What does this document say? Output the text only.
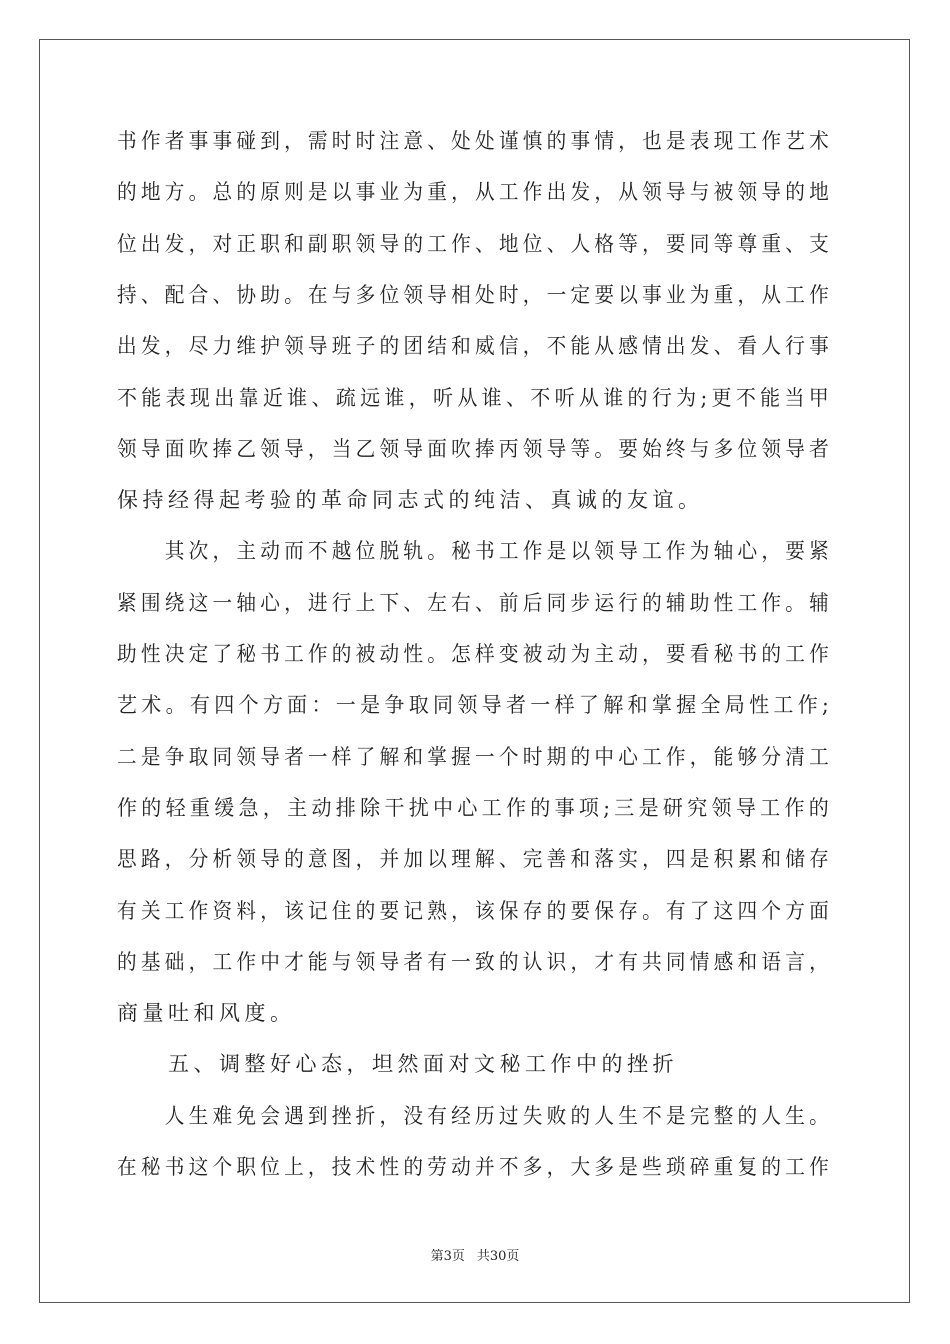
书作者事事碰到，需时时注意、处处谨慎的事情，也是表现工作艺术
的地方。总的原则是以事业为重，从工作出发，从领导与被领导的地
位出发，对正职和副职领导的工作、地位、人格等，要同等尊重、支
持、配合、协助。在与多位领导相处时，一定要以事业为重，从工作
出发，尽力维护领导班子的团结和威信，不能从感情出发、看人行事
不能表现出靠近谁、疏远谁，听从谁、不听从谁的行为;更不能当甲
领导面吹捧乙领导，当乙领导面吹捧丙领导等。要始终与多位领导者
保持经得起考验的革命同志式的纯洁、真诚的友谊。
　　其次，主动而不越位脱轨。秘书工作是以领导工作为轴心，要紧
紧围绕这一轴心，进行上下、左右、前后同步运行的辅助性工作。辅
助性决定了秘书工作的被动性。怎样变被动为主动，要看秘书的工作
艺术。有四个方面：一是争取同领导者一样了解和掌握全局性工作;
二是争取同领导者一样了解和掌握一个时期的中心工作，能够分清工
作的轻重缓急，主动排除干扰中心工作的事项;三是研究领导工作的
思路，分析领导的意图，并加以理解、完善和落实，四是积累和储存
有关工作资料，该记住的要记熟，该保存的要保存。有了这四个方面
的基础，工作中才能与领导者有一致的认识，才有共同情感和语言，
商量吐和风度。
　　五、调整好心态，坦然面对文秘工作中的挫折
　　人生难免会遇到挫折，没有经历过失败的人生不是完整的人生。
在秘书这个职位上，技术性的劳动并不多，大多是些琐碎重复的工作
第3页 共30页
